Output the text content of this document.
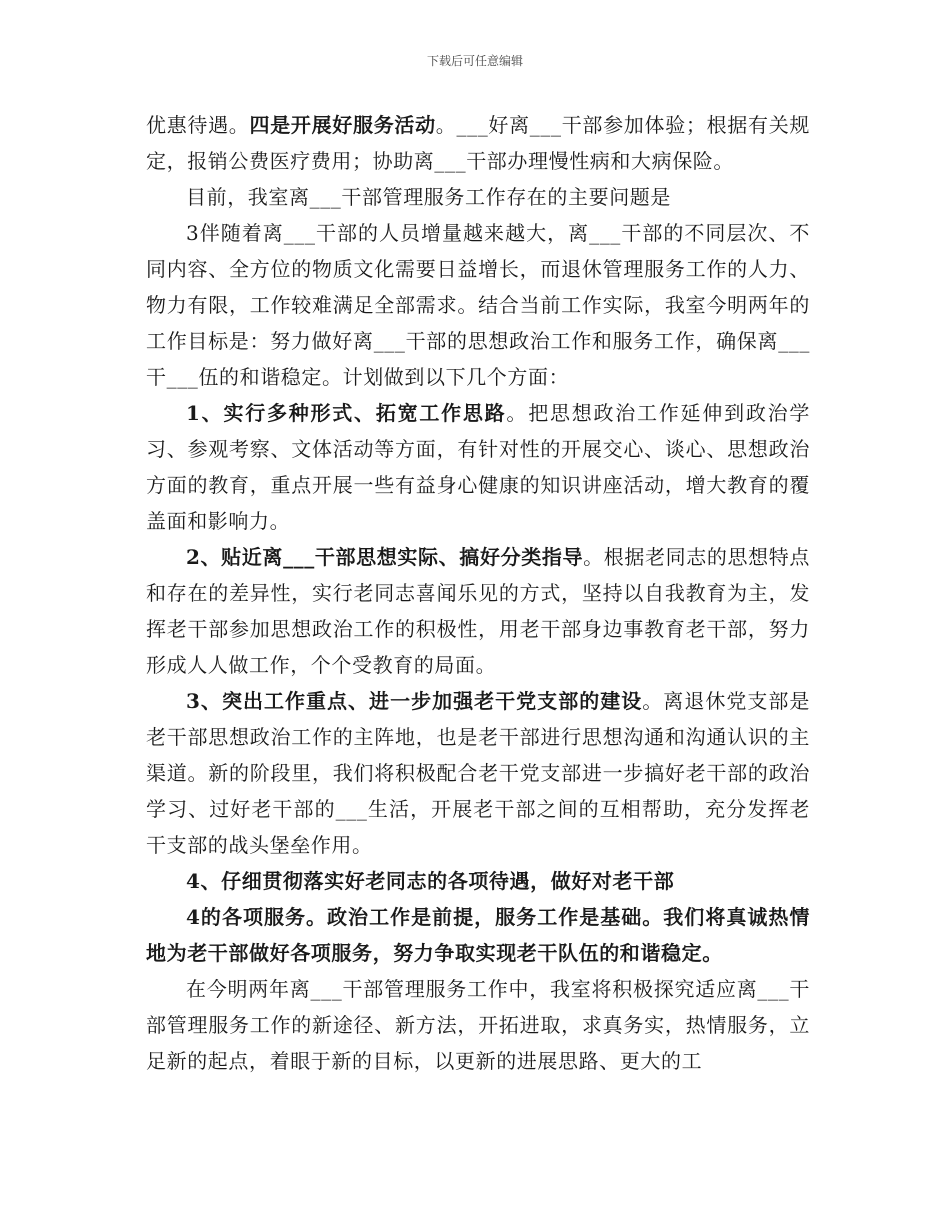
下载后可任意编辑

优惠待遇。四是开展好服务活动。___好离___干部参加体验；根据有关规定，报销公费医疗费用；协助离___干部办理慢性病和大病保险。

目前，我室离___干部管理服务工作存在的主要问题是

3伴随着离___干部的人员增量越来越大，离___干部的不同层次、不同内容、全方位的物质文化需要日益增长，而退休管理服务工作的人力、物力有限，工作较难满足全部需求。结合当前工作实际，我室今明两年的工作目标是：努力做好离___干部的思想政治工作和服务工作，确保离___干___伍的和谐稳定。计划做到以下几个方面：

1、实行多种形式、拓宽工作思路。把思想政治工作延伸到政治学习、参观考察、文体活动等方面，有针对性的开展交心、谈心、思想政治方面的教育，重点开展一些有益身心健康的知识讲座活动，增大教育的覆盖面和影响力。

2、贴近离___干部思想实际、搞好分类指导。根据老同志的思想特点和存在的差异性，实行老同志喜闻乐见的方式，坚持以自我教育为主，发挥老干部参加思想政治工作的积极性，用老干部身边事教育老干部，努力形成人人做工作，个个受教育的局面。

3、突出工作重点、进一步加强老干党支部的建设。离退休党支部是老干部思想政治工作的主阵地，也是老干部进行思想沟通和沟通认识的主渠道。新的阶段里，我们将积极配合老干党支部进一步搞好老干部的政治学习、过好老干部的___生活，开展老干部之间的互相帮助，充分发挥老干支部的战头堡垒作用。

4、仔细贯彻落实好老同志的各项待遇，做好对老干部

4的各项服务。政治工作是前提，服务工作是基础。我们将真诚热情地为老干部做好各项服务，努力争取实现老干队伍的和谐稳定。

在今明两年离___干部管理服务工作中，我室将积极探究适应离___干部管理服务工作的新途径、新方法，开拓进取，求真务实，热情服务，立足新的起点，着眼于新的目标，以更新的进展思路、更大的工
